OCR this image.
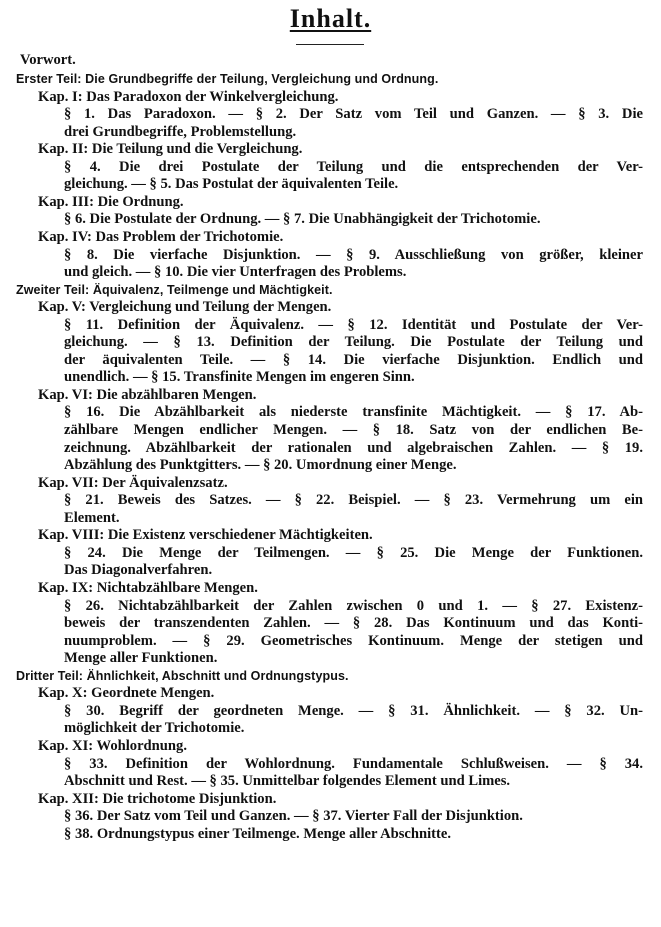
Inhalt.
Vorwort.
Erster Teil: Die Grundbegriffe der Teilung, Vergleichung und Ordnung.
Kap. I: Das Paradoxon der Winkelvergleichung.
§ 1. Das Paradoxon. — § 2. Der Satz vom Teil und Ganzen. — § 3. Die
drei Grundbegriffe, Problemstellung.
Kap. II: Die Teilung und die Vergleichung.
§ 4. Die drei Postulate der Teilung und die entsprechenden der Ver-
gleichung. — § 5. Das Postulat der äquivalenten Teile.
Kap. III: Die Ordnung.
§ 6. Die Postulate der Ordnung. — § 7. Die Unabhängigkeit der Trichotomie.
Kap. IV: Das Problem der Trichotomie.
§ 8. Die vierfache Disjunktion. — § 9. Ausschließung von größer, kleiner
und gleich. — § 10. Die vier Unterfragen des Problems.
Zweiter Teil: Äquivalenz, Teilmenge und Mächtigkeit.
Kap. V: Vergleichung und Teilung der Mengen.
§ 11. Definition der Äquivalenz. — § 12. Identität und Postulate der Ver-
gleichung. — § 13. Definition der Teilung. Die Postulate der Teilung und
der äquivalenten Teile. — § 14. Die vierfache Disjunktion. Endlich und
unendlich. — § 15. Transfinite Mengen im engeren Sinn.
Kap. VI: Die abzählbaren Mengen.
§ 16. Die Abzählbarkeit als niederste transfinite Mächtigkeit. — § 17. Ab-
zählbare Mengen endlicher Mengen. — § 18. Satz von der endlichen Be-
zeichnung. Abzählbarkeit der rationalen und algebraischen Zahlen. — § 19.
Abzählung des Punktgitters. — § 20. Umordnung einer Menge.
Kap. VII: Der Äquivalenzsatz.
§ 21. Beweis des Satzes. — § 22. Beispiel. — § 23. Vermehrung um ein
Element.
Kap. VIII: Die Existenz verschiedener Mächtigkeiten.
§ 24. Die Menge der Teilmengen. — § 25. Die Menge der Funktionen.
Das Diagonalverfahren.
Kap. IX: Nichtabzählbare Mengen.
§ 26. Nichtabzählbarkeit der Zahlen zwischen 0 und 1. — § 27. Existenz-
beweis der transzendenten Zahlen. — § 28. Das Kontinuum und das Konti-
nuumproblem. — § 29. Geometrisches Kontinuum. Menge der stetigen und
Menge aller Funktionen.
Dritter Teil: Ähnlichkeit, Abschnitt und Ordnungstypus.
Kap. X: Geordnete Mengen.
§ 30. Begriff der geordneten Menge. — § 31. Ähnlichkeit. — § 32. Un-
möglichkeit der Trichotomie.
Kap. XI: Wohlordnung.
§ 33. Definition der Wohlordnung. Fundamentale Schlußweisen. — § 34.
Abschnitt und Rest. — § 35. Unmittelbar folgendes Element und Limes.
Kap. XII: Die trichotome Disjunktion.
§ 36. Der Satz vom Teil und Ganzen. — § 37. Vierter Fall der Disjunktion.
§ 38. Ordnungstypus einer Teilmenge. Menge aller Abschnitte.
